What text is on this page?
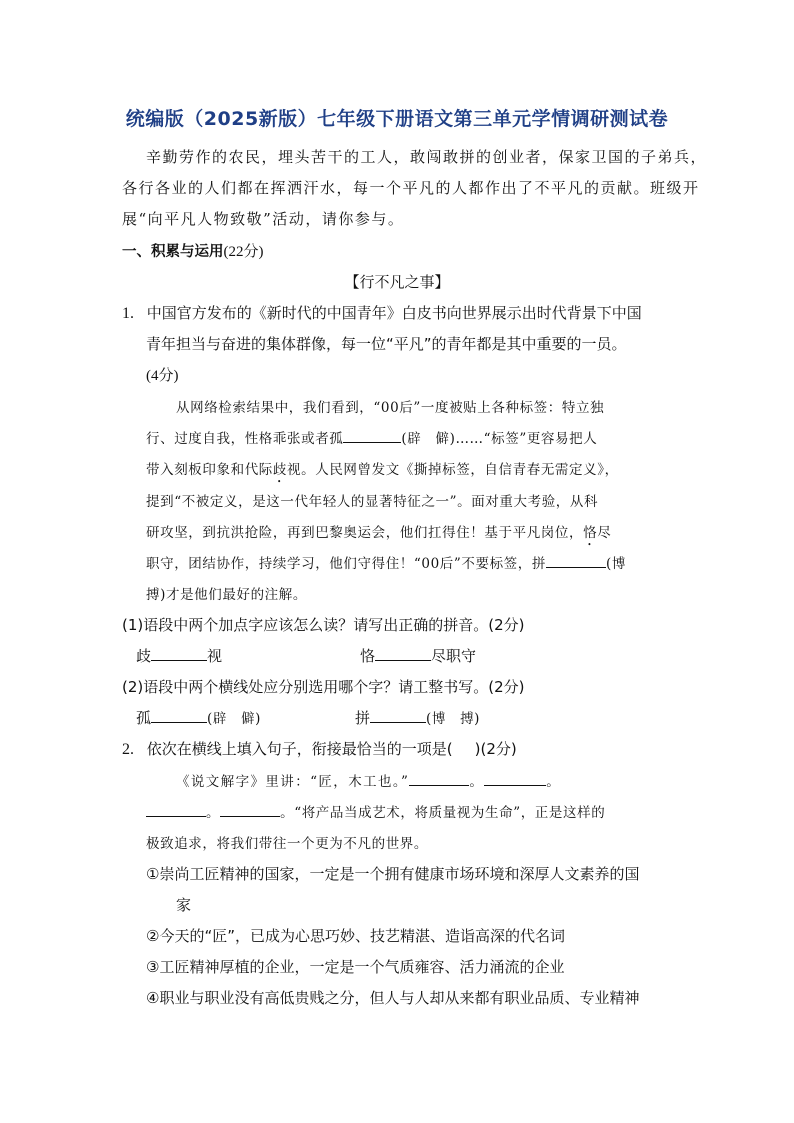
统编版（2025新版）七年级下册语文第三单元学情调研测试卷
辛勤劳作的农民，埋头苦干的工人，敢闯敢拼的创业者，保家卫国的子弟兵，
各行各业的人们都在挥洒汗水，每一个平凡的人都作出了不平凡的贡献。班级开
展“向平凡人物致敬”活动，请你参与。
一、积累与运用(22分)
【行不凡之事】
1. 中国官方发布的《新时代的中国青年》白皮书向世界展示出时代背景下中国
青年担当与奋进的集体群像，每一位“平凡”的青年都是其中重要的一员。
(4分)
从网络检索结果中，我们看到，“00后”一度被贴上各种标签：特立独
行、过度自我，性格乖张或者孤	(辟　僻)……“标签”更容易把人
带入刻板印象和代际歧视。人民网曾发文《撕掉标签，自信青春无需定义》，
提到“不被定义，是这一代年轻人的显著特征之一”。面对重大考验，从科
研攻坚，到抗洪抢险，再到巴黎奥运会，他们扛得住！基于平凡岗位，恪尽
职守，团结协作，持续学习，他们守得住！“00后”不要标签，拼	(博
搏)才是他们最好的注解。
(1)语段中两个加点字应该怎么读？请写出正确的拼音。(2分)
歧	视	恪	尽职守
(2)语段中两个横线处应分别选用哪个字？请工整书写。(2分)
孤	(辟　僻)	拼	(博　搏)
2. 依次在横线上填入句子，衔接最恰当的一项是( )(2分)
《说文解字》里讲：“匠，木工也。”	。	。
。	。“将产品当成艺术，将质量视为生命”，正是这样的
极致追求，将我们带往一个更为不凡的世界。
①崇尚工匠精神的国家，一定是一个拥有健康市场环境和深厚人文素养的国
家
②今天的“匠”，已成为心思巧妙、技艺精湛、造诣高深的代名词
③工匠精神厚植的企业，一定是一个气质雍容、活力涌流的企业
④职业与职业没有高低贵贱之分，但人与人却从来都有职业品质、专业精神
